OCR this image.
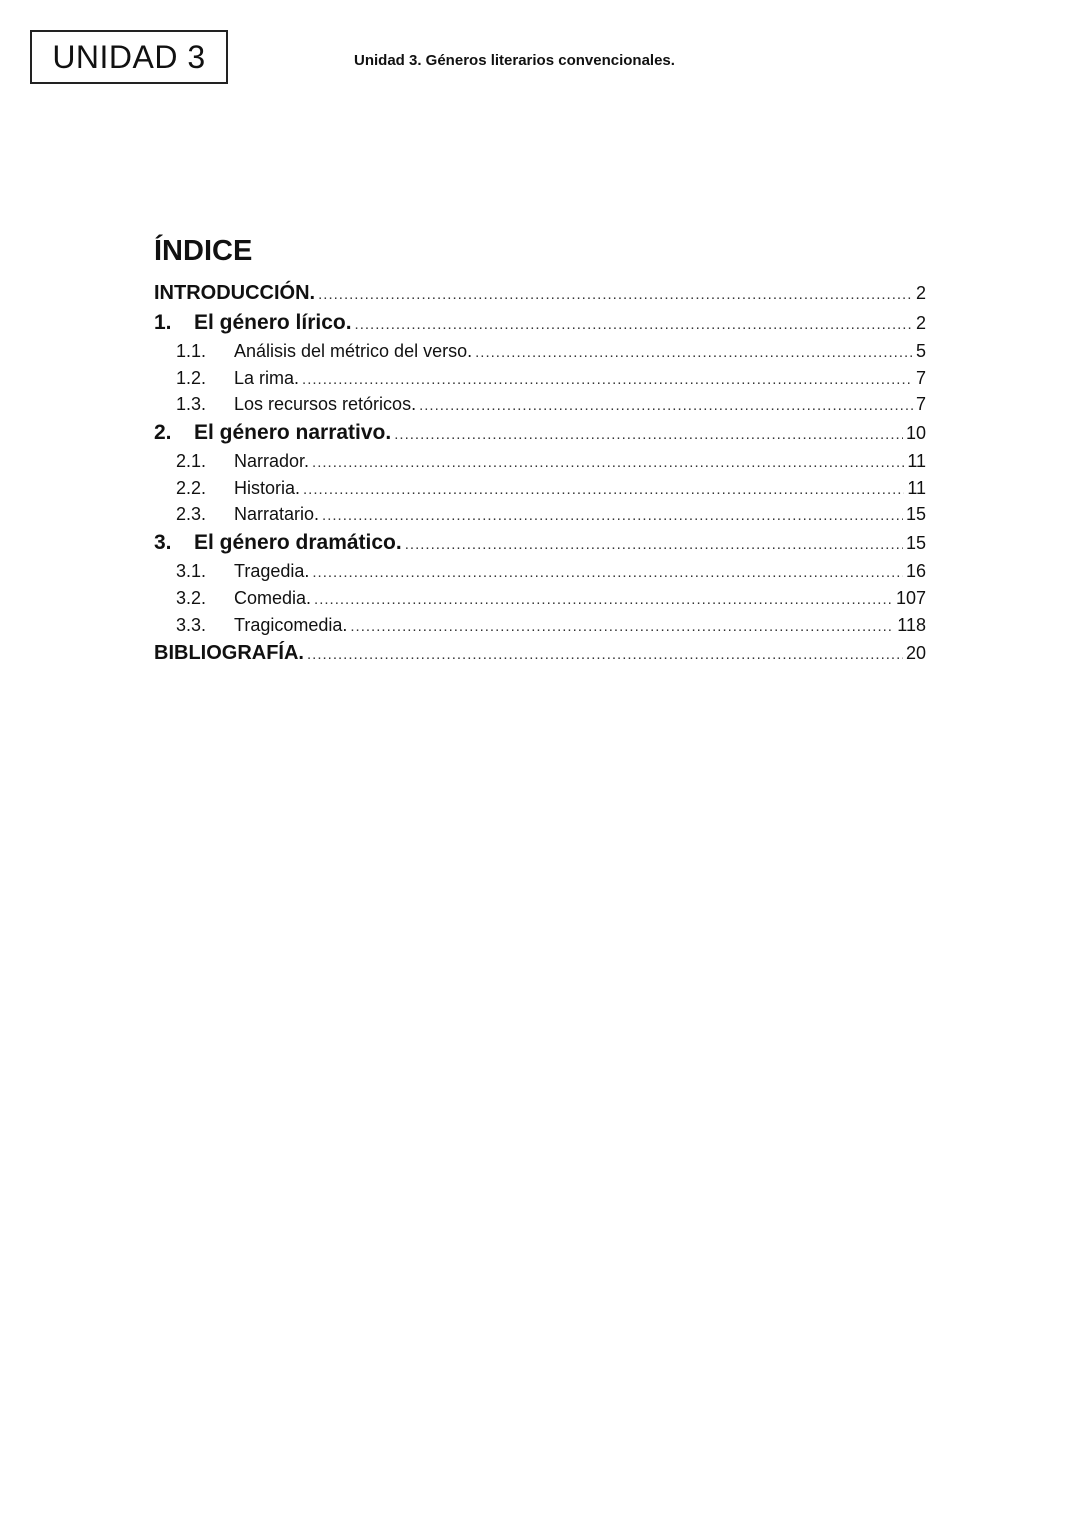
UNIDAD 3	Unidad 3. Géneros literarios convencionales.
ÍNDICE
INTRODUCCIÓN. .....	2
1.	El género lírico. .....	2
1.1.	Análisis del métrico del verso. .....	5
1.2.	La rima. .....	7
1.3.	Los recursos retóricos. .....	7
2.	El género narrativo. .....	10
2.1.	Narrador. .....	11
2.2.	Historia. .....	11
2.3.	Narratario. .....	15
3.	El género dramático. .....	15
3.1.	Tragedia. .....	16
3.2.	Comedia. .....	107
3.3.	Tragicomedia. .....	118
BIBLIOGRAFÍA. .....	20
